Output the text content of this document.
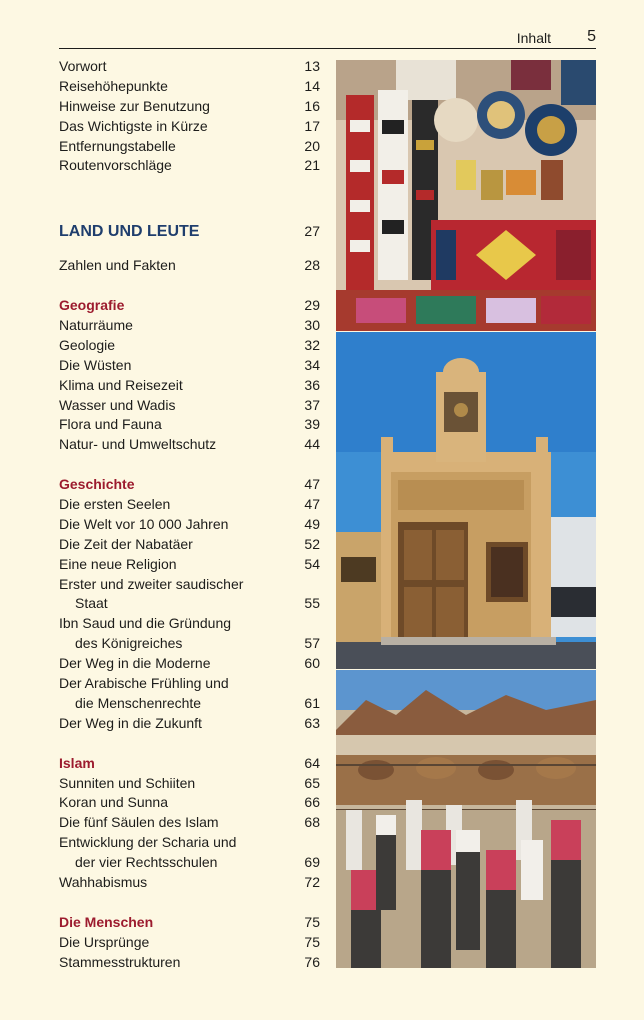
Inhalt 5
Vorwort	13
Reisehöhepunkte	14
Hinweise zur Benutzung	16
Das Wichtigste in Kürze	17
Entfernungstabelle	20
Routenvorschläge	21
LAND UND LEUTE	27
Zahlen und Fakten	28
Geografie	29
Naturräume	30
Geologie	32
Die Wüsten	34
Klima und Reisezeit	36
Wasser und Wadis	37
Flora und Fauna	39
Natur- und Umweltschutz	44
Geschichte	47
Die ersten Seelen	47
Die Welt vor 10 000 Jahren	49
Die Zeit der Nabatäer	52
Eine neue Religion	54
Erster und zweiter saudischer
Staat	55
Ibn Saud und die Gründung
des Königreiches	57
Der Weg in die Moderne	60
Der Arabische Frühling und
die Menschenrechte	61
Der Weg in die Zukunft	63
Islam	64
Sunniten und Schiiten	65
Koran und Sunna	66
Die fünf Säulen des Islam	68
Entwicklung der Scharia und
der vier Rechtsschulen	69
Wahhabismus	72
Die Menschen	75
Die Ursprünge	75
Stammesstrukturen	76
